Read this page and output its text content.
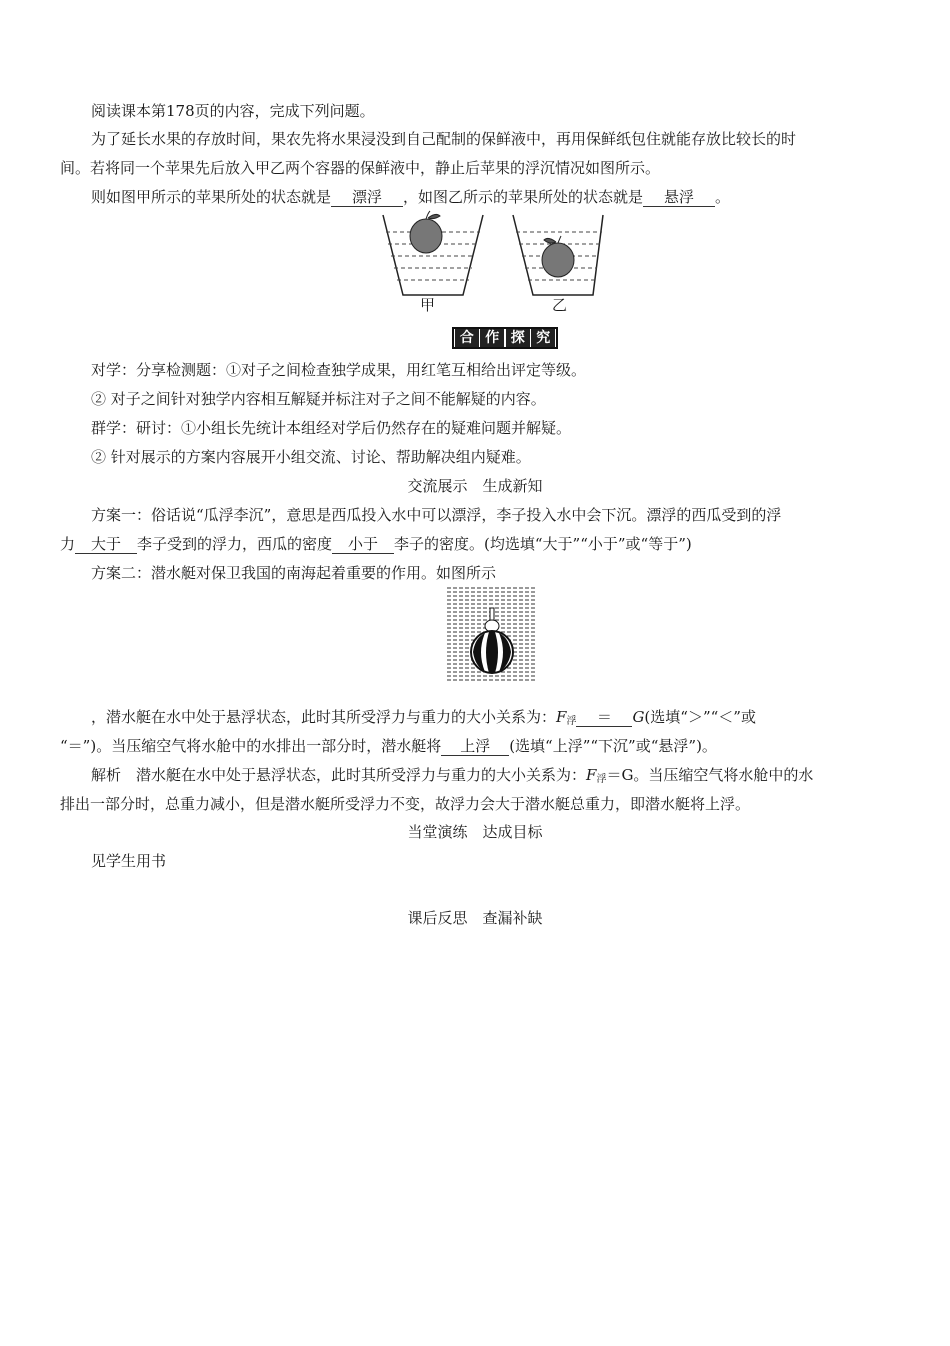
阅读课本第178页的内容，完成下列问题。
为了延长水果的存放时间，果农先将水果浸没到自己配制的保鲜液中，再用保鲜纸包住就能存放比较长的时
间。若将同一个苹果先后放入甲乙两个容器的保鲜液中，静止后苹果的浮沉情况如图所示。
则如图甲所示的苹果所处的状态就是 漂浮 ，如图乙所示的苹果所处的状态就是 悬浮 。
甲	乙
合 作 探 究
对学：分享检测题：①对子之间检查独学成果，用红笔互相给出评定等级。
② 对子之间针对独学内容相互解疑并标注对子之间不能解疑的内容。
群学：研讨：①小组长先统计本组经对学后仍然存在的疑难问题并解疑。
② 针对展示的方案内容展开小组交流、讨论、帮助解决组内疑难。
交流展示　生成新知
方案一：俗话说“瓜浮李沉”，意思是西瓜投入水中可以漂浮，李子投入水中会下沉。漂浮的西瓜受到的浮
力 大于 李子受到的浮力，西瓜的密度 小于 李子的密度。(均选填“大于”“小于”或“等于”)
方案二：潜水艇对保卫我国的南海起着重要的作用。如图所示
，潜水艇在水中处于悬浮状态，此时其所受浮力与重力的大小关系为：$F_浮 = G$(选填“＞”“＜”或
“＝”)。当压缩空气将水舱中的水排出一部分时，潜水艇将 上浮 (选填“上浮”“下沉”或“悬浮”)。
解析　潜水艇在水中处于悬浮状态，此时其所受浮力与重力的大小关系为：$F_浮=G$。当压缩空气将水舱中的水
排出一部分时，总重力减小，但是潜水艇所受浮力不变，故浮力会大于潜水艇总重力，即潜水艇将上浮。
当堂演练　达成目标
见学生用书
课后反思　查漏补缺
